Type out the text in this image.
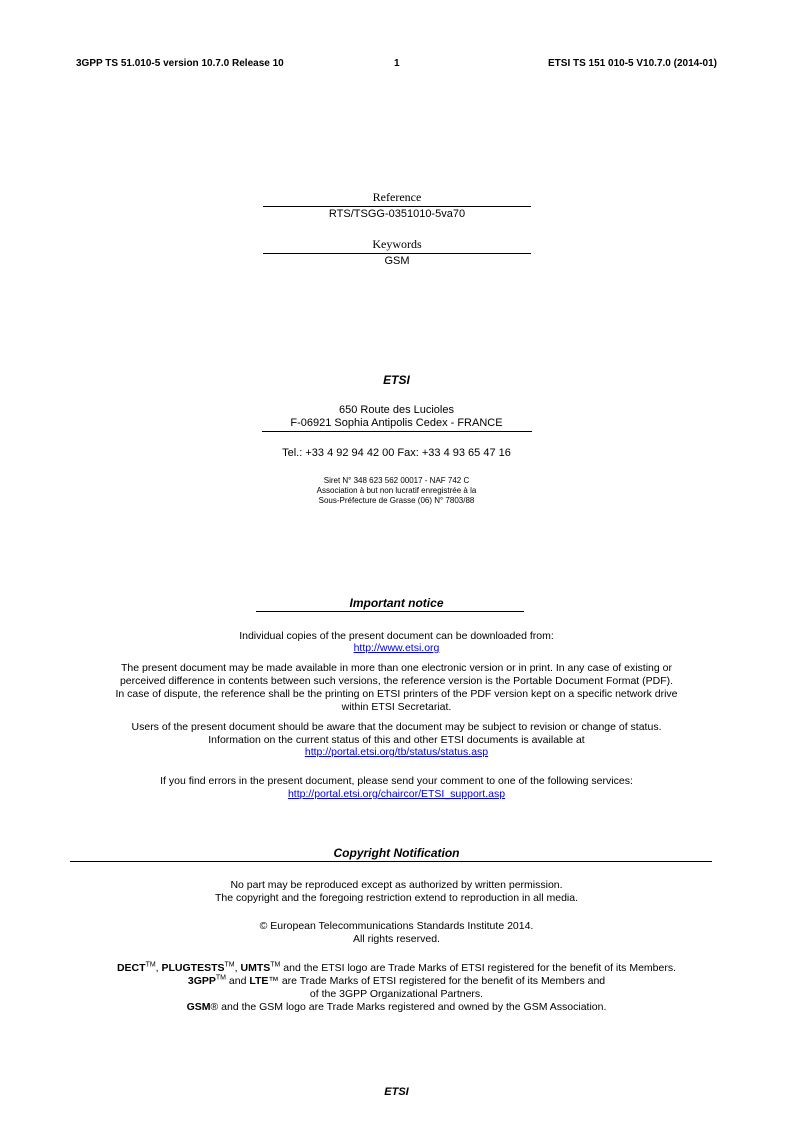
3GPP TS 51.010-5 version 10.7.0 Release 10	1	ETSI TS 151 010-5 V10.7.0 (2014-01)
Reference
RTS/TSGG-0351010-5va70
Keywords
GSM
ETSI
650 Route des Lucioles
F-06921 Sophia Antipolis Cedex - FRANCE
Tel.: +33 4 92 94 42 00 Fax: +33 4 93 65 47 16
Siret N° 348 623 562 00017 - NAF 742 C
Association à but non lucratif enregistrée à la
Sous-Préfecture de Grasse (06) N° 7803/88
Important notice
Individual copies of the present document can be downloaded from:
http://www.etsi.org
The present document may be made available in more than one electronic version or in print. In any case of existing or
perceived difference in contents between such versions, the reference version is the Portable Document Format (PDF).
In case of dispute, the reference shall be the printing on ETSI printers of the PDF version kept on a specific network drive
within ETSI Secretariat.
Users of the present document should be aware that the document may be subject to revision or change of status.
Information on the current status of this and other ETSI documents is available at
http://portal.etsi.org/tb/status/status.asp
If you find errors in the present document, please send your comment to one of the following services:
http://portal.etsi.org/chaircor/ETSI_support.asp
Copyright Notification
No part may be reproduced except as authorized by written permission.
The copyright and the foregoing restriction extend to reproduction in all media.
© European Telecommunications Standards Institute 2014.
All rights reserved.
DECT™, PLUGTESTS™, UMTS™ and the ETSI logo are Trade Marks of ETSI registered for the benefit of its Members.
3GPP™ and LTE™ are Trade Marks of ETSI registered for the benefit of its Members and
of the 3GPP Organizational Partners.
GSM® and the GSM logo are Trade Marks registered and owned by the GSM Association.
ETSI
